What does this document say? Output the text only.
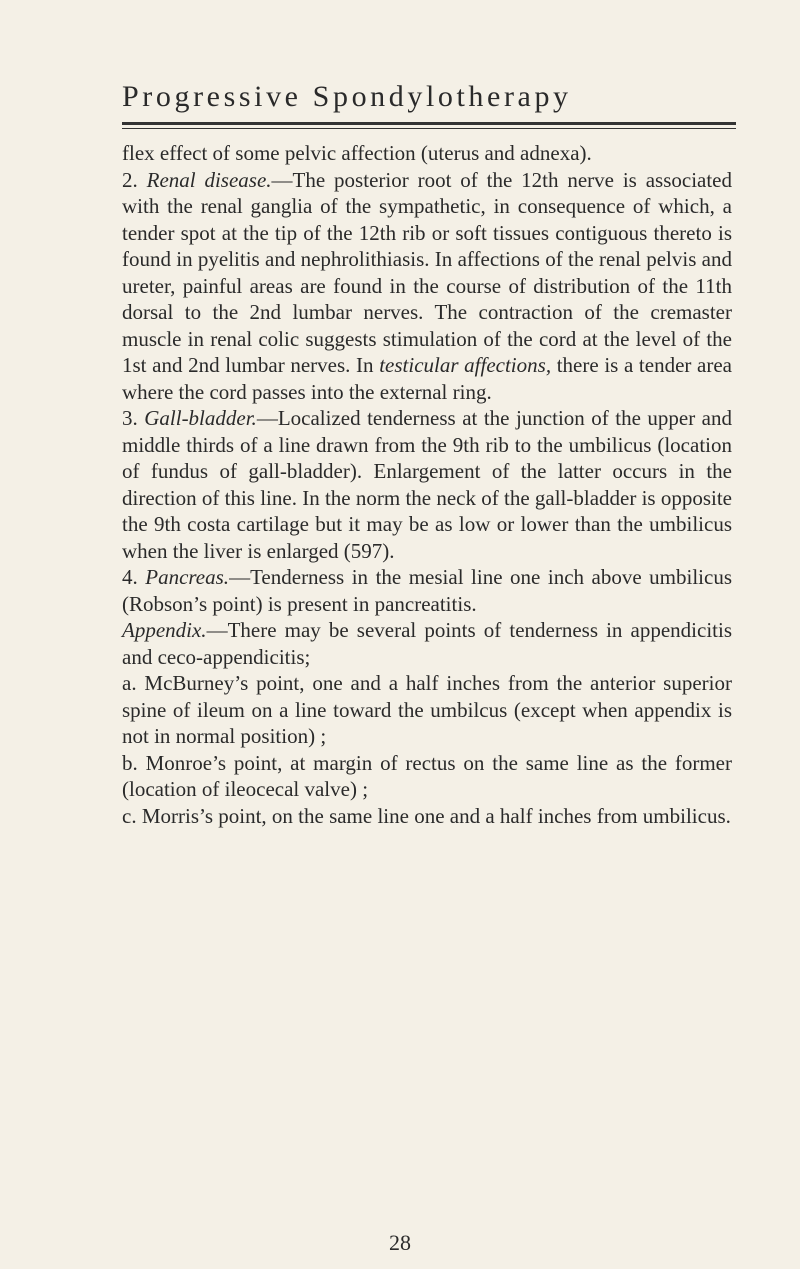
Progressive Spondylotherapy

flex effect of some pelvic affection (uterus and adnexa).

2. Renal disease.—The posterior root of the 12th nerve is associated with the renal ganglia of the sympathetic, in consequence of which, a tender spot at the tip of the 12th rib or soft tissues contiguous thereto is found in pyelitis and nephrolithiasis. In affections of the renal pelvis and ureter, painful areas are found in the course of distribution of the 11th dorsal to the 2nd lumbar nerves. The contraction of the cremaster muscle in renal colic suggests stimulation of the cord at the level of the 1st and 2nd lumbar nerves. In testicular affections, there is a tender area where the cord passes into the external ring.

3. Gall-bladder.—Localized tenderness at the junction of the upper and middle thirds of a line drawn from the 9th rib to the umbilicus (location of fundus of gall-bladder). Enlargement of the latter occurs in the direction of this line. In the norm the neck of the gall-bladder is opposite the 9th costa cartilage but it may be as low or lower than the umbilicus when the liver is enlarged (597).

4. Pancreas.—Tenderness in the mesial line one inch above umbilicus (Robson’s point) is present in pancreatitis.

Appendix.—There may be several points of tenderness in appendicitis and ceco-appendicitis;

a. McBurney’s point, one and a half inches from the anterior superior spine of ileum on a line toward the umbilcus (except when appendix is not in normal position) ;

b. Monroe’s point, at margin of rectus on the same line as the former (location of ileocecal valve) ;

c. Morris’s point, on the same line one and a half inches from umbilicus.

28
